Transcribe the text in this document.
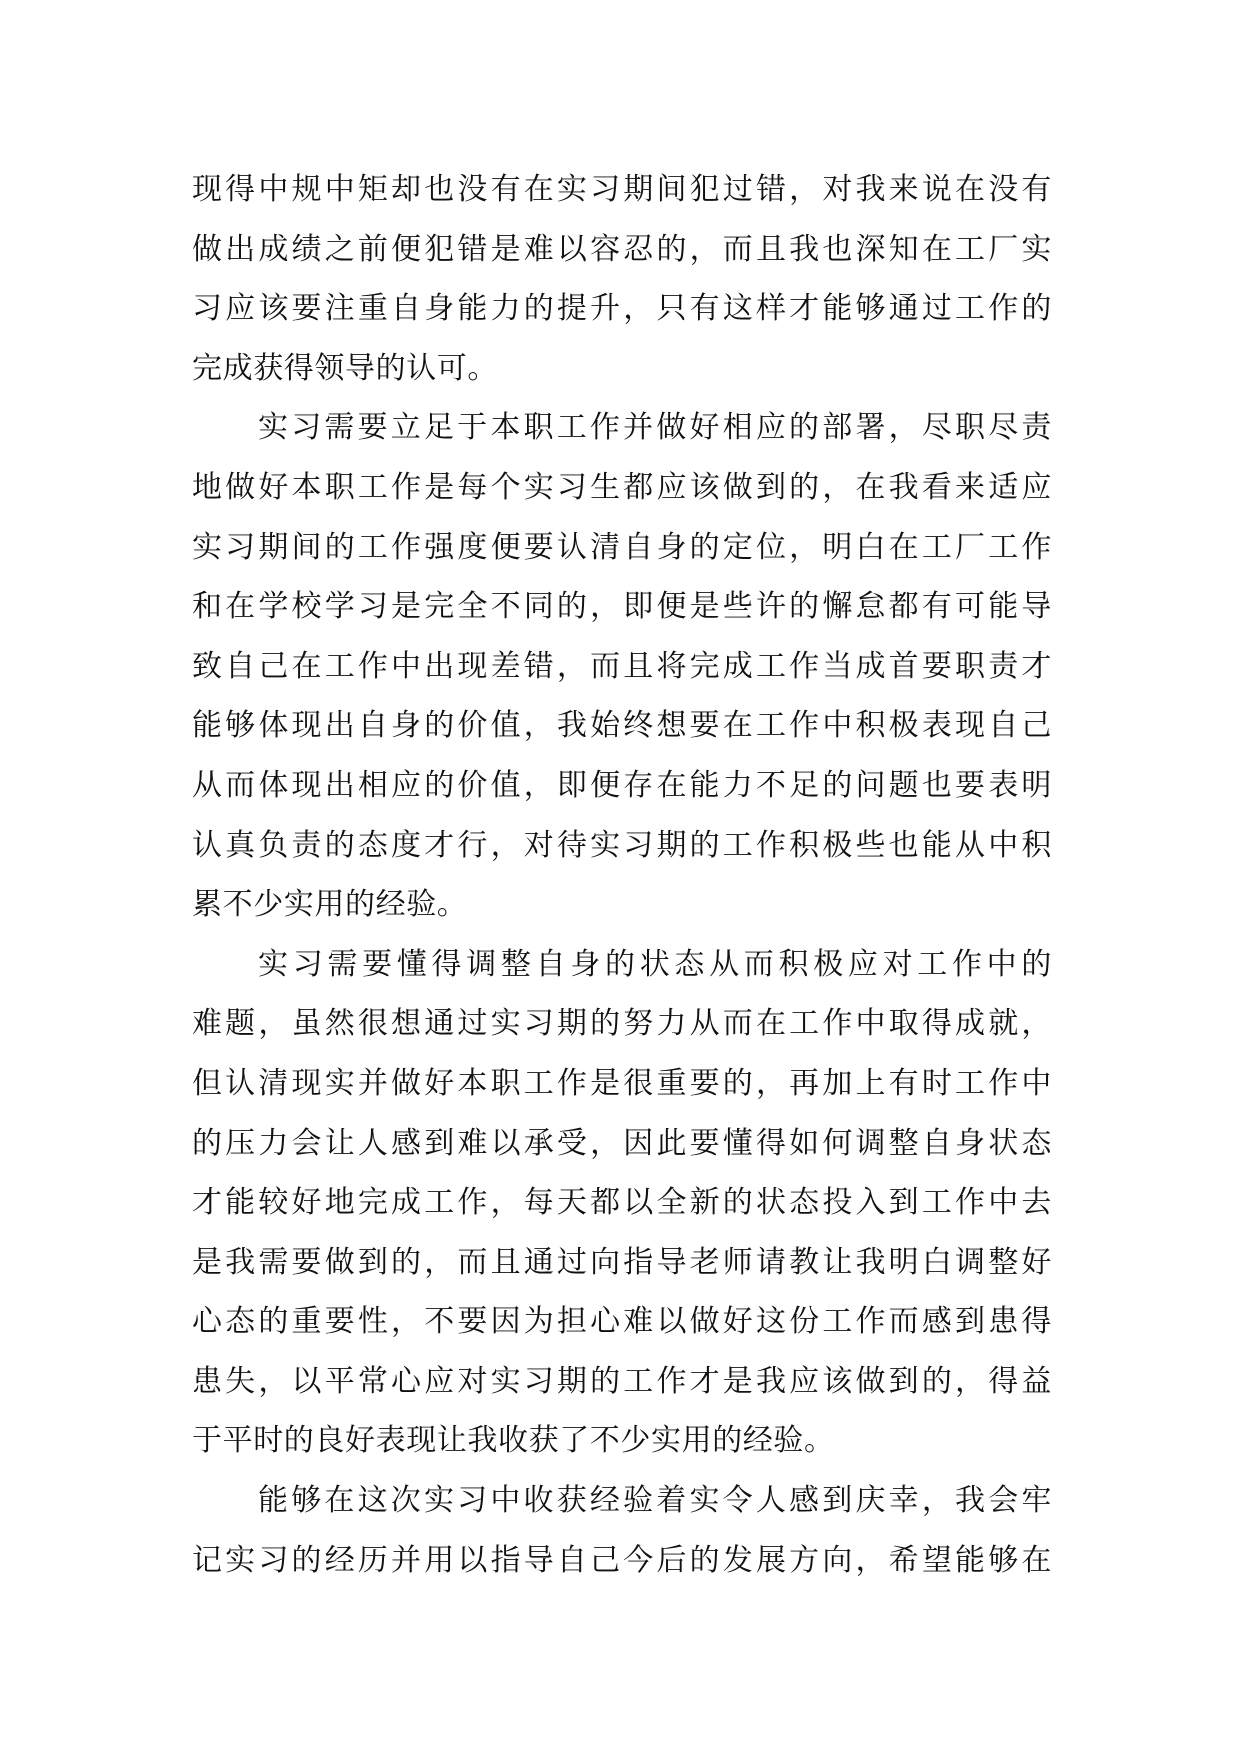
现得中规中矩却也没有在实习期间犯过错，对我来说在没有
做出成绩之前便犯错是难以容忍的，而且我也深知在工厂实
习应该要注重自身能力的提升，只有这样才能够通过工作的
完成获得领导的认可。
实习需要立足于本职工作并做好相应的部署，尽职尽责
地做好本职工作是每个实习生都应该做到的，在我看来适应
实习期间的工作强度便要认清自身的定位，明白在工厂工作
和在学校学习是完全不同的，即便是些许的懈怠都有可能导
致自己在工作中出现差错，而且将完成工作当成首要职责才
能够体现出自身的价值，我始终想要在工作中积极表现自己
从而体现出相应的价值，即便存在能力不足的问题也要表明
认真负责的态度才行，对待实习期的工作积极些也能从中积
累不少实用的经验。
实习需要懂得调整自身的状态从而积极应对工作中的
难题，虽然很想通过实习期的努力从而在工作中取得成就，
但认清现实并做好本职工作是很重要的，再加上有时工作中
的压力会让人感到难以承受，因此要懂得如何调整自身状态
才能较好地完成工作，每天都以全新的状态投入到工作中去
是我需要做到的，而且通过向指导老师请教让我明白调整好
心态的重要性，不要因为担心难以做好这份工作而感到患得
患失，以平常心应对实习期的工作才是我应该做到的，得益
于平时的良好表现让我收获了不少实用的经验。
能够在这次实习中收获经验着实令人感到庆幸，我会牢
记实习的经历并用以指导自己今后的发展方向，希望能够在
